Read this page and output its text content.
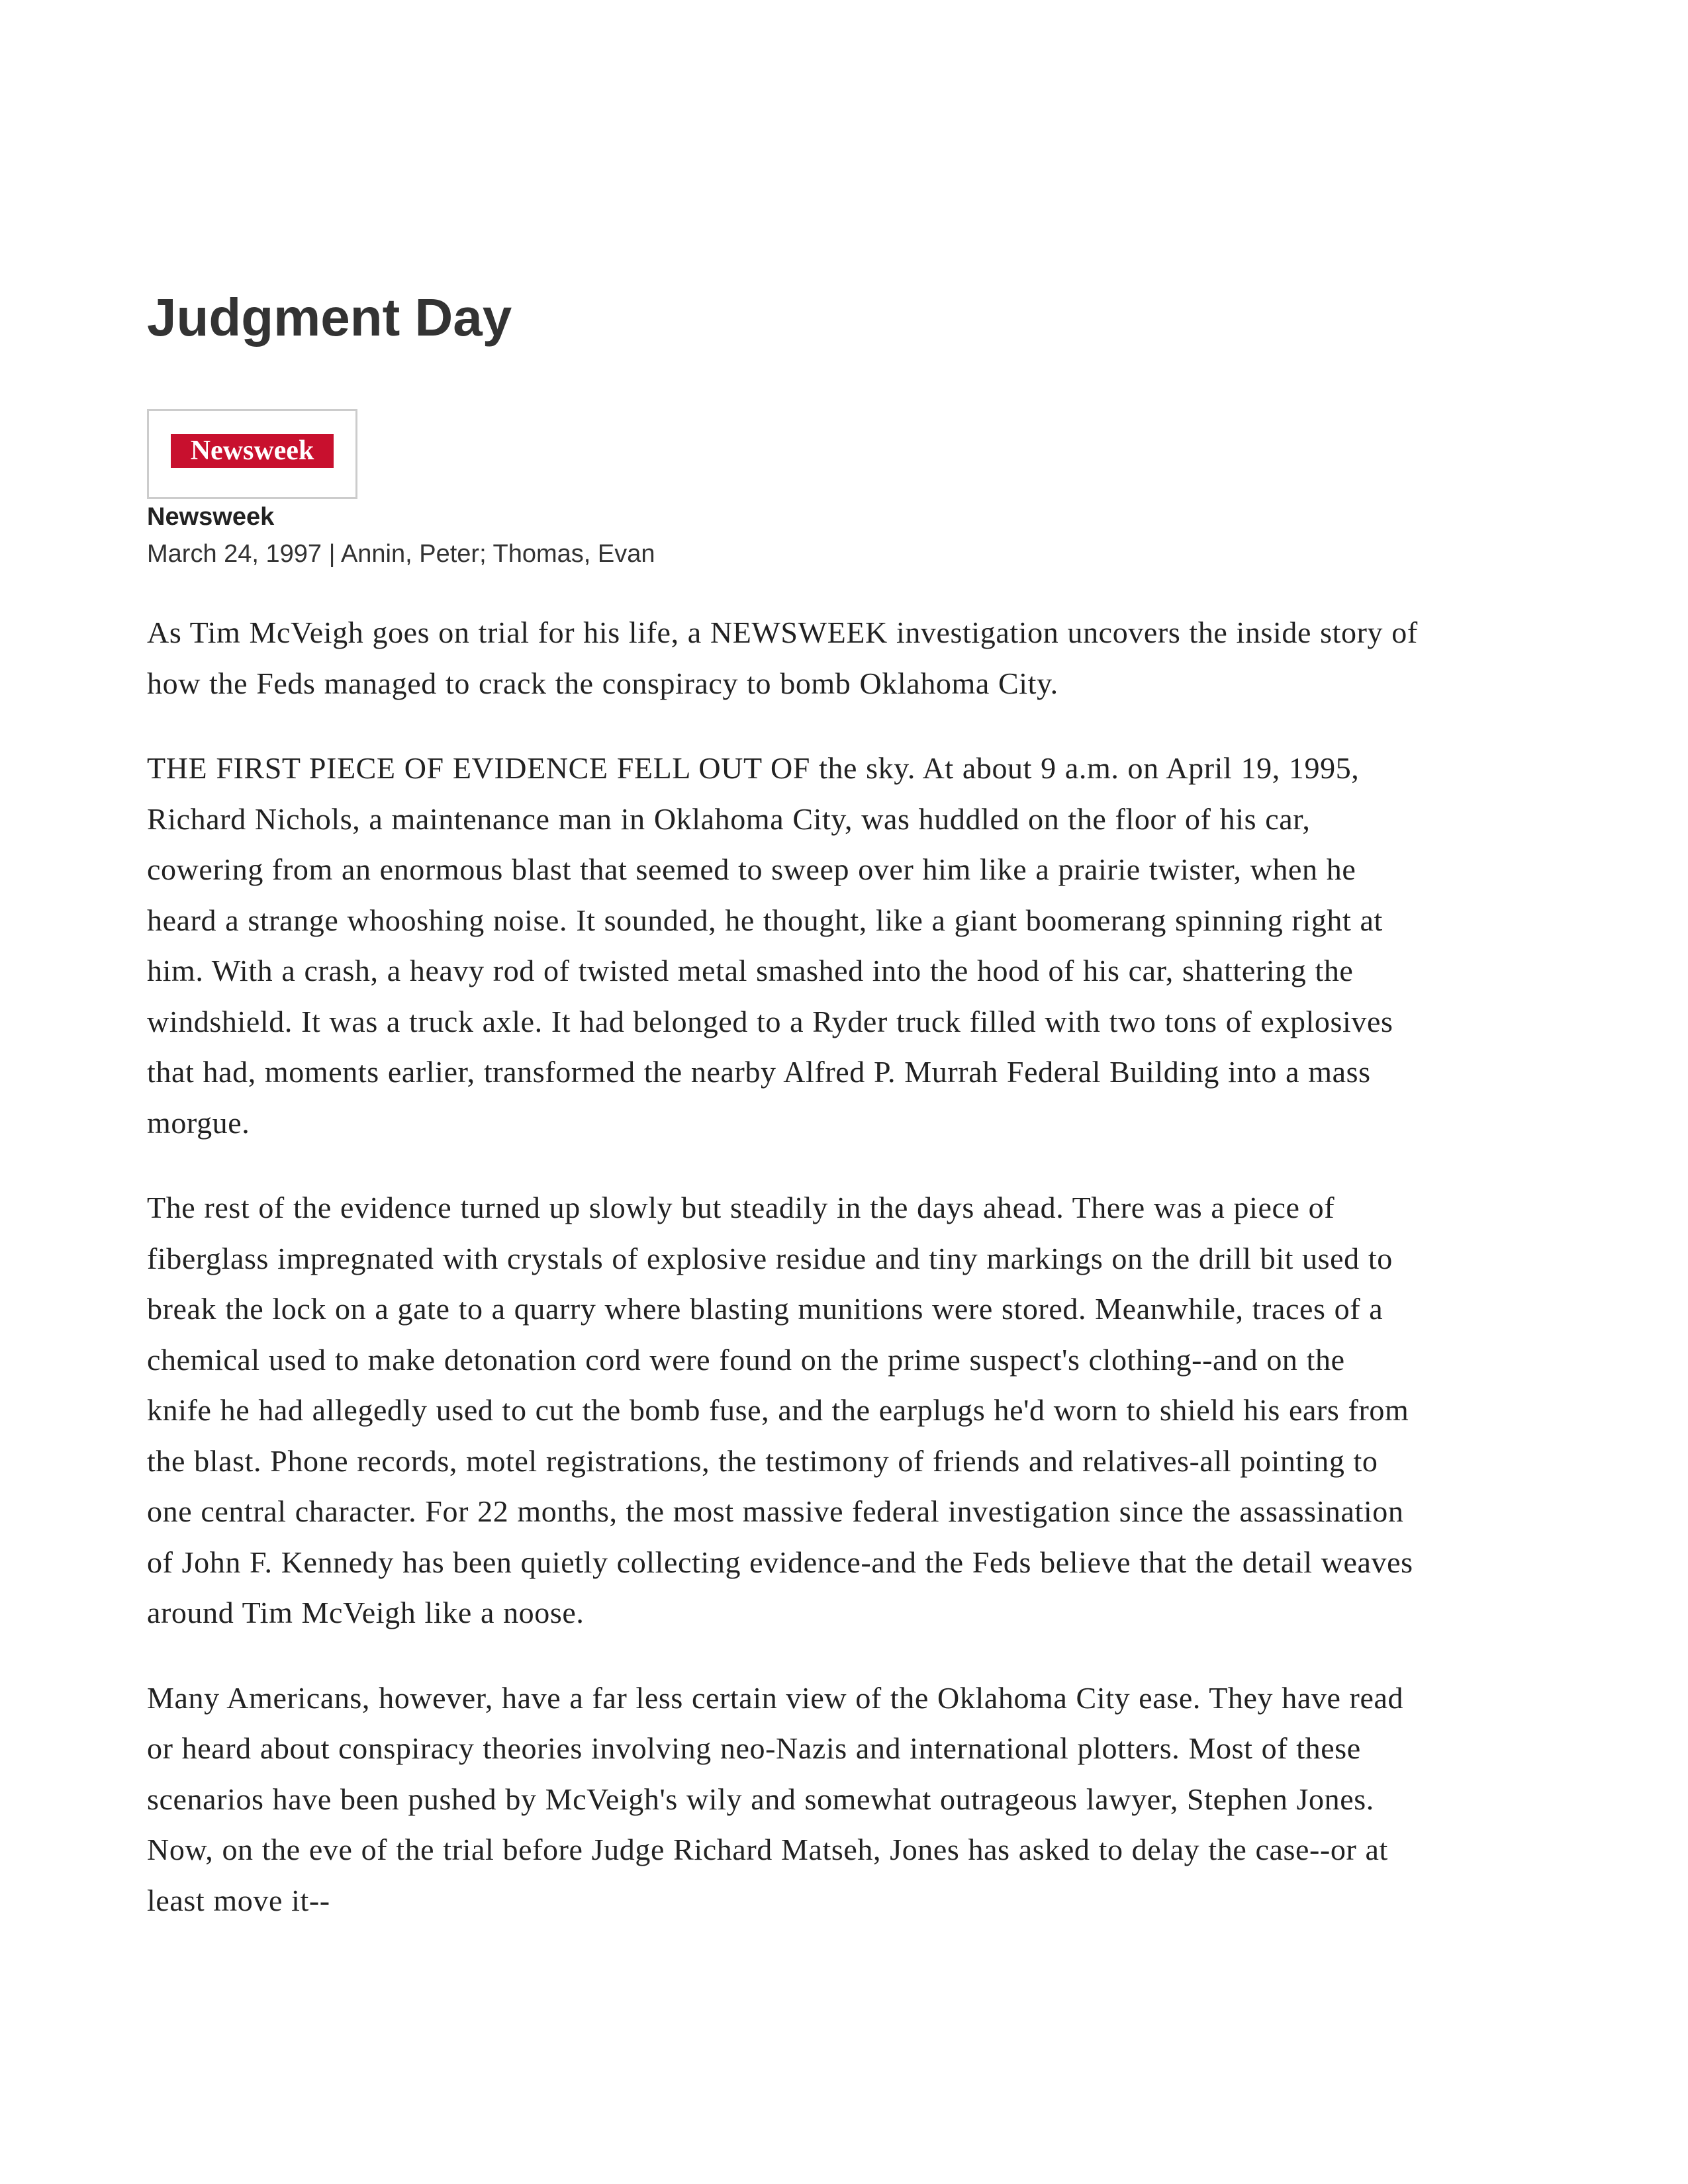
Judgment Day
Newsweek
Newsweek
March 24, 1997 | Annin, Peter; Thomas, Evan

As Tim McVeigh goes on trial for his life, a NEWSWEEK investigation uncovers the inside story of how the Feds managed to crack the conspiracy to bomb Oklahoma City.

THE FIRST PIECE OF EVIDENCE FELL OUT OF the sky. At about 9 a.m. on April 19, 1995, Richard Nichols, a maintenance man in Oklahoma City, was huddled on the floor of his car, cowering from an enormous blast that seemed to sweep over him like a prairie twister, when he heard a strange whooshing noise. It sounded, he thought, like a giant boomerang spinning right at him. With a crash, a heavy rod of twisted metal smashed into the hood of his car, shattering the windshield. It was a truck axle. It had belonged to a Ryder truck filled with two tons of explosives that had, moments earlier, transformed the nearby Alfred P. Murrah Federal Building into a mass morgue.

The rest of the evidence turned up slowly but steadily in the days ahead. There was a piece of fiberglass impregnated with crystals of explosive residue and tiny markings on the drill bit used to break the lock on a gate to a quarry where blasting munitions were stored. Meanwhile, traces of a chemical used to make detonation cord were found on the prime suspect's clothing--and on the knife he had allegedly used to cut the bomb fuse, and the earplugs he'd worn to shield his ears from the blast. Phone records, motel registrations, the testimony of friends and relatives-all pointing to one central character. For 22 months, the most massive federal investigation since the assassination of John F. Kennedy has been quietly collecting evidence-and the Feds believe that the detail weaves around Tim McVeigh like a noose.

Many Americans, however, have a far less certain view of the Oklahoma City ease. They have read or heard about conspiracy theories involving neo-Nazis and international plotters. Most of these scenarios have been pushed by McVeigh's wily and somewhat outrageous lawyer, Stephen Jones. Now, on the eve of the trial before Judge Richard Matseh, Jones has asked to delay the case--or at least move it--
